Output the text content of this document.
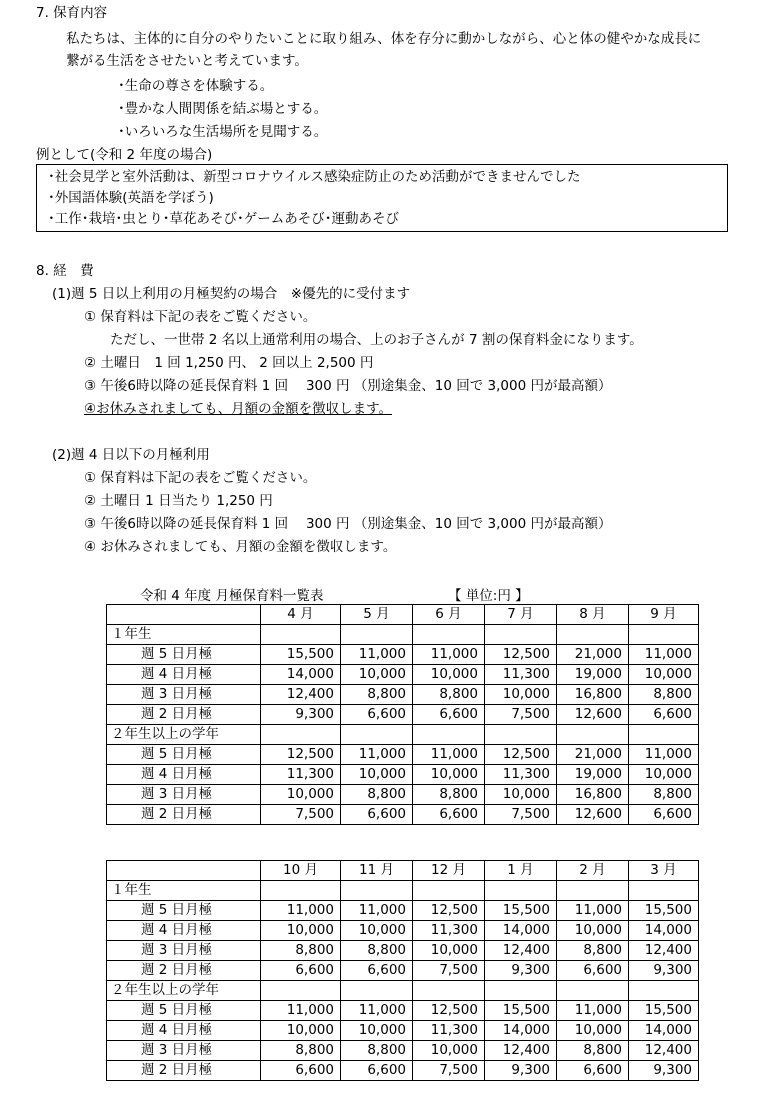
7. 保育内容
私たちは、主体的に自分のやりたいことに取り組み、体を存分に動かしながら、心と体の健やかな成長に
繋がる生活をさせたいと考えています。
･生命の尊さを体験する。
･豊かな人間関係を結ぶ場とする。
･いろいろな生活場所を見聞する。
例として(令和 2 年度の場合)
･社会見学と室外活動は、新型コロナウイルス感染症防止のため活動ができませんでした
･外国語体験(英語を学ぼう)
･工作･栽培･虫とり･草花あそび･ゲームあそび･運動あそび
8. 経　費
(1)週 5 日以上利用の月極契約の場合　※優先的に受付ます
① 保育料は下記の表をご覧ください。
ただし、一世帯 2 名以上通常利用の場合、上のお子さんが 7 割の保育料金になります。
② 土曜日　1 回 1,250 円、 2 回以上 2,500 円
③ 午後6時以降の延長保育料 1 回　 300 円 （別途集金、10 回で 3,000 円が最高額）
④お休みされましても、月額の金額を徴収します。
(2)週 4 日以下の月極利用
① 保育料は下記の表をご覧ください。
② 土曜日 1 日当たり 1,250 円
③ 午後6時以降の延長保育料 1 回　 300 円 （別途集金、10 回で 3,000 円が最高額）
④ お休みされましても、月額の金額を徴収します。
令和 4 年度 月極保育料一覧表	【 単位:円 】
	4 月	5 月	6 月	7 月	8 月	9 月
１年生						
週 5 日月極	15,500	11,000	11,000	12,500	21,000	11,000
週 4 日月極	14,000	10,000	10,000	11,300	19,000	10,000
週 3 日月極	12,400	8,800	8,800	10,000	16,800	8,800
週 2 日月極	9,300	6,600	6,600	7,500	12,600	6,600
２年生以上の学年						
週 5 日月極	12,500	11,000	11,000	12,500	21,000	11,000
週 4 日月極	11,300	10,000	10,000	11,300	19,000	10,000
週 3 日月極	10,000	8,800	8,800	10,000	16,800	8,800
週 2 日月極	7,500	6,600	6,600	7,500	12,600	6,600
	10 月	11 月	12 月	1 月	2 月	3 月
１年生						
週 5 日月極	11,000	11,000	12,500	15,500	11,000	15,500
週 4 日月極	10,000	10,000	11,300	14,000	10,000	14,000
週 3 日月極	8,800	8,800	10,000	12,400	8,800	12,400
週 2 日月極	6,600	6,600	7,500	9,300	6,600	9,300
２年生以上の学年						
週 5 日月極	11,000	11,000	12,500	15,500	11,000	15,500
週 4 日月極	10,000	10,000	11,300	14,000	10,000	14,000
週 3 日月極	8,800	8,800	10,000	12,400	8,800	12,400
週 2 日月極	6,600	6,600	7,500	9,300	6,600	9,300
